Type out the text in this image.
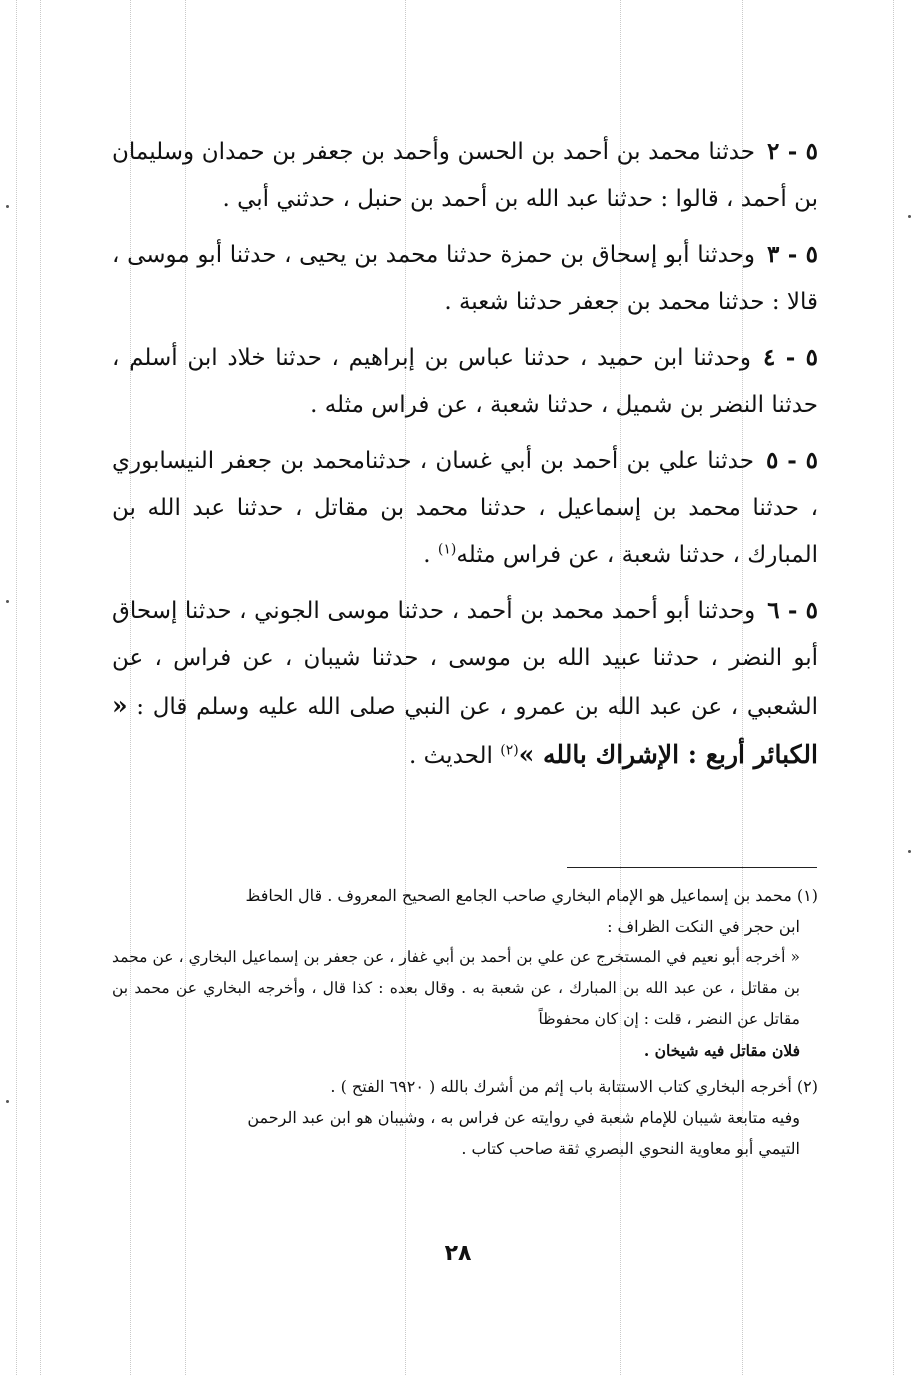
٥ - ٢حدثنا محمد بن أحمد بن الحسن وأحمد بن جعفر بن حمدان وسليمان بن أحمد ، قالوا : حدثنا عبد الله بن أحمد بن حنبل ، حدثني أبي .

٥ - ٣وحدثنا أبو إسحاق بن حمزة حدثنا محمد بن يحيى ، حدثنا أبو موسى ، قالا : حدثنا محمد بن جعفر حدثنا شعبة .

٥ - ٤وحدثنا ابن حميد ، حدثنا عباس بن إبراهيم ، حدثنا خلاد ابن أسلم ، حدثنا النضر بن شميل ، حدثنا شعبة ، عن فراس مثله .

٥ - ٥حدثنا علي بن أحمد بن أبي غسان ، حدثنامحمد بن جعفر النيسابوري ، حدثنا محمد بن إسماعيل ، حدثنا محمد بن مقاتل ، حدثنا عبد الله بن المبارك ، حدثنا شعبة ، عن فراس مثله$^{(١)}$ .

٥ - ٦وحدثنا أبو أحمد محمد بن أحمد ، حدثنا موسى الجوني ، حدثنا إسحاق أبو النضر ، حدثنا عبيد الله بن موسى ، حدثنا شيبان ، عن فراس ، عن الشعبي ، عن عبد الله بن عمرو ، عن النبي صلى الله عليه وسلم قال : « الكبائر أربع : الإشراك بالله »$^{(٢)}$ الحديث .

(١) محمد بن إسماعيل هو الإمام البخاري صاحب الجامع الصحيح المعروف . قال الحافظ
ابن حجر في النكت الظراف :
« أخرجه أبو نعيم في المستخرج عن علي بن أحمد بن أبي غفار ، عن جعفر بن إسماعيل البخاري ، عن محمد بن مقاتل ، عن عبد الله بن المبارك ، عن شعبة به . وقال بعده : كذا قال ، وأخرجه البخاري عن محمد بن مقاتل عن النضر ، قلت : إن كان محفوظاً
فلان مقاتل فيه شيخان .
(٢) أخرجه البخاري كتاب الاستتابة باب إثم من أشرك بالله ( ٦٩٢٠ الفتح ) .
وفيه متابعة شيبان للإمام شعبة في روايته عن فراس به ، وشيبان هو ابن عبد الرحمن
التيمي أبو معاوية النحوي البصري ثقة صاحب كتاب .
٢٨
